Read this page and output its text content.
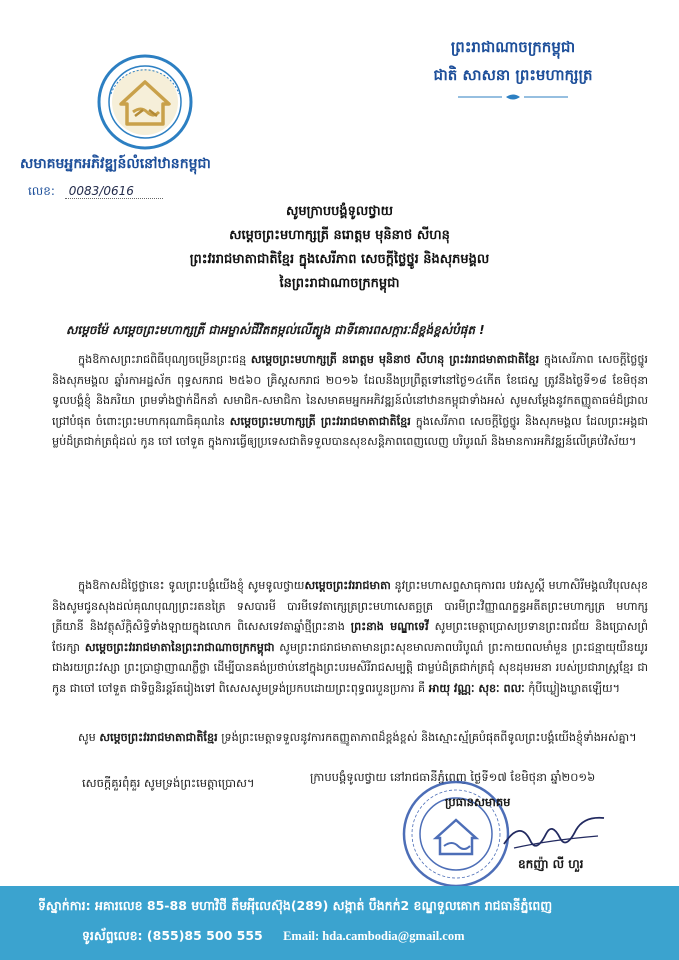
សមាគមអ្នកអភិវឌ្ឍន៍លំនៅឋានកម្ពុជា
លេខ: 0083/0616
ព្រះរាជាណាចក្រកម្ពុជា
ជាតិ សាសនា ព្រះមហាក្សត្រ
សូមក្រាបបង្គំទូលថ្វាយ
សម្តេចព្រះមហាក្សត្រី នរោត្តម មុនិនាថ សីហនុ
ព្រះវររាជមាតាជាតិខ្មែរ ក្នុងសេរីភាព សេចក្តីថ្លៃថ្នូរ និងសុភមង្គល
នៃព្រះរាជាណាចក្រកម្ពុជា
សម្តេចម៉ែ សម្តេចព្រះមហាក្សត្រី ជាអម្ចាស់ជីវិតតម្កល់លើត្បូង ជាទីគោរពសក្ការៈដ៏ខ្ពង់ខ្ពស់បំផុត !
ក្នុងឱកាសព្រះរាជពិធីបុណ្យចម្រើនព្រះជន្ម សម្តេចព្រះមហាក្សត្រី នរោត្តម មុនិនាថ សីហនុ ព្រះវររាជមាតាជាតិខ្មែរ ក្នុងសេរីភាព សេចក្តីថ្លៃថ្នូរ និងសុភមង្គល ឆ្នាំរកាអដ្ឋស័ក ពុទ្ធសករាជ ២៥៦០ គ្រិស្តសករាជ ២០១៦ ដែលនឹងប្រព្រឹត្តទៅនៅថ្ងៃ១៤កើត ខែជេស្ឋ ត្រូវនឹងថ្ងៃទី១៨ ខែមិថុនា ទូលបង្គំខ្ញុំ និងភរិយា ព្រមទាំងថ្នាក់ដឹកនាំ សមាជិក-សមាជិកា នៃសមាគមអ្នកអភិវឌ្ឍន៍លំនៅឋានកម្ពុជាទាំងអស់ សូមសម្តែងនូវកតញ្ញូតាធម៌ដ៏ជ្រាលជ្រៅបំផុត ចំពោះព្រះមហាករុណាធិគុណនៃ សម្តេចព្រះមហាក្សត្រី ព្រះវររាជមាតាជាតិខ្មែរ ក្នុងសេរីភាព សេចក្តីថ្លៃថ្នូរ និងសុភមង្គល ដែលព្រះអង្គជាម្លប់ដ៏ត្រជាក់ត្រជុំដល់ កូន ចៅ ចៅទួត ក្នុងការធ្វើឲ្យប្រទេសជាតិទទួលបានសុខសន្តិភាពពេញលេញ បរិបូរណ៍ និងមានការអភិវឌ្ឍន៍លើគ្រប់វិស័យ។
ក្នុងឱកាសដ៏ថ្លៃថ្លានេះ ទូលព្រះបង្គំយើងខ្ញុំ សូមទូលថ្វាយសម្តេចព្រះវររាជមាតា នូវព្រះមហាសព្ទសាធុការពរ បវរសួស្តី មហាសិរីមង្គលវិបុលសុខ និងសូមជូនសុងដល់គុណបុណ្យព្រះរតនត្រៃ ទសបារមី បារមីទេវតាក្សេត្រព្រះមហាសេតច្ឆត្រ បារមីព្រះវិញ្ញាណក្ខន្ធអតីតព្រះមហាក្សត្រ មហាក្សត្រីយានី និងវត្ថុស័ក្តិសិទ្ធិទាំងឡាយក្នុងលោក ពិសេសទេវតាឆ្នាំថ្មីព្រះនាង ព្រះនាង មណ្ឌាទេវី សូមព្រះមេត្តាប្រោសប្រទានព្រះពរជ័យ និងប្រោសព្រំថែរក្សា សម្តេចព្រះវររាជមាតានៃព្រះរាជាណាចក្រកម្ពុជា សូមព្រះរាជរាជមាតាមានព្រះសុខមាលភាពបរិបូណ៌ ព្រះកាយពលមាំមួន ព្រះជន្មាយុយឺនយូរ ជាងរយព្រះវស្សា ព្រះប្រាជ្ញាញាណភ្លឺថ្លា ដើម្បីបានគង់ប្រថាប់នៅក្នុងព្រះបរមសិរីរាជសម្បត្តិ ជាម្លប់ដ៏ត្រជាក់ត្រជុំ សុខដុមរមនា របស់ប្រជារាស្ត្រខ្មែរ ជាកូន ជាចៅ ចៅទួត ជាទិច្ចនិរន្តរ៍តរៀងទៅ ពិសេសសូមទ្រង់ប្រកបដោយព្រះពុទ្ធពរបួនប្រការ គឺ អាយុ វណ្ណៈ សុខៈ ពលៈ កុំបីឃ្លៀងឃ្លាតឡើយ។
សូម សម្តេចព្រះវររាជមាតាជាតិខ្មែរ ទ្រង់ព្រះមេត្តាទទួលនូវការកតញ្ញូតាភាពដ៏ខ្ពង់ខ្ពស់ និងស្មោះស្ម័គ្របំផុតពីទូលព្រះបង្គំយើងខ្ញុំទាំងអស់គ្នា។
សេចក្តីគួរពុំគួរ សូមទ្រង់ព្រះមេត្តាប្រោស។	ក្រាបបង្គំទូលថ្វាយ នៅរាជធានីភ្នំពេញ ថ្ងៃទី១៧ ខែមិថុនា ឆ្នាំ២០១៦
ប្រធានសមាគម
ឧកញ៉ា លី ហួរ
ទីស្នាក់ការ: អគារលេខ 85-88 មហាវិថី តឹមអុីលេស៊ុង(289) សង្កាត់ បឹងកក់2 ខណ្ឌទួលគោក រាជធានីភ្នំពេញ
ទូរស័ព្ទលេខ: (855)85 500 555 Email: hda.cambodia@gmail.com
